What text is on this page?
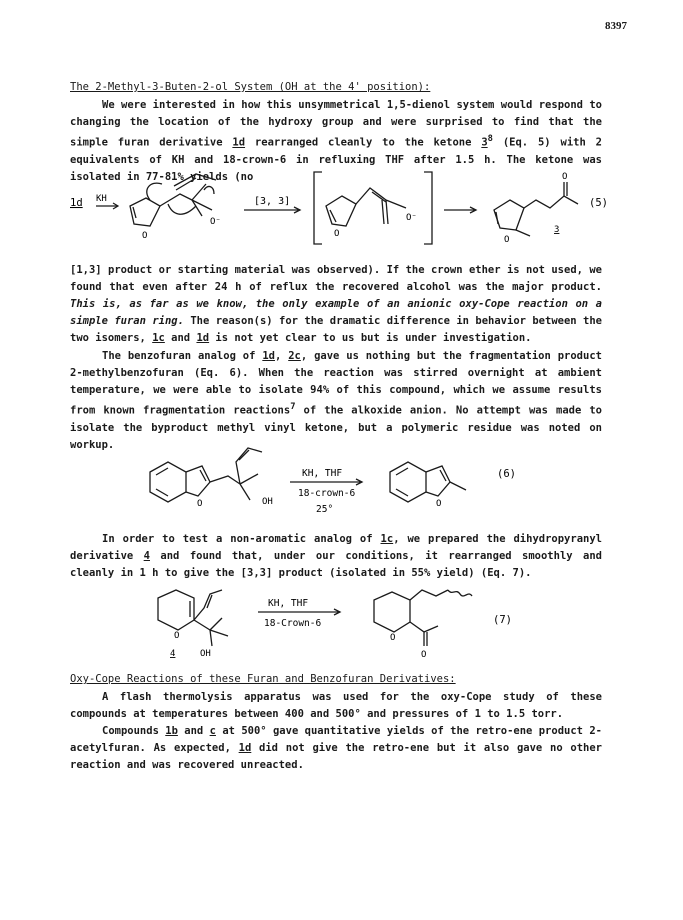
8397
The 2-Methyl-3-Buten-2-ol System (OH at the 4' position):
We were interested in how this unsymmetrical 1,5-dienol system would respond to changing the location of the hydroxy group and were surprised to find that the simple furan derivative 1d rearranged cleanly to the ketone $3^8$ (Eq. 5) with 2 equivalents of KH and 18-crown-6 in refluxing THF after 1.5 h. The ketone was isolated in 77-81% yields (no
1d KH
O
O⁻
[3, 3]
O
O⁻
O
O
3
(5)
[1,3] product or starting material was observed). If the crown ether is not used, we found that even after 24 h of reflux the recovered alcohol was the major product. This is, as far as we know, the only example of an anionic oxy-Cope reaction on a simple furan ring. The reason(s) for the dramatic difference in behavior between the two isomers, 1c and 1d is not yet clear to us but is under investigation.
The benzofuran analog of 1d, 2c, gave us nothing but the fragmentation product 2-methylbenzofuran (Eq. 6). When the reaction was stirred overnight at ambient temperature, we were able to isolate 94% of this compound, which we assume results from known fragmentation reactions$^7$ of the alkoxide anion. No attempt was made to isolate the byproduct methyl vinyl ketone, but a polymeric residue was noted on workup.
O	OH
KH, THF
18-crown-6
25°	O
(6)
In order to test a non-aromatic analog of 1c, we prepared the dihydropyranyl derivative 4 and found that, under our conditions, it rearranged smoothly and cleanly in 1 h to give the [3,3] product (isolated in 55% yield) (Eq. 7).
O
4	OH
KH, THF
18-Crown-6
O
O
(7)
Oxy-Cope Reactions of these Furan and Benzofuran Derivatives:
A flash thermolysis apparatus was used for the oxy-Cope study of these compounds at temperatures between 400 and 500° and pressures of 1 to 1.5 torr.
Compounds 1b and c at 500° gave quantitative yields of the retro-ene product 2-acetylfuran. As expected, 1d did not give the retro-ene but it also gave no other reaction and was recovered unreacted.
